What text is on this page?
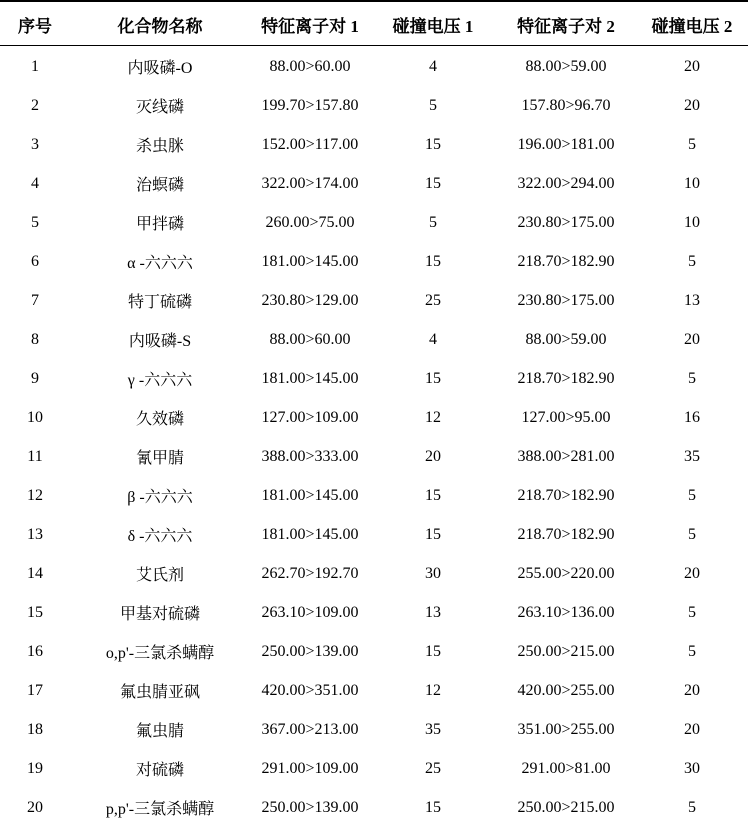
序号	化合物名称	特征离子对 1	碰撞电压 1	特征离子对 2	碰撞电压 2
1	内吸磷-O	88.00>60.00	4	88.00>59.00	20
2	灭线磷	199.70>157.80	5	157.80>96.70	20
3	杀虫脒	152.00>117.00	15	196.00>181.00	5
4	治螟磷	322.00>174.00	15	322.00>294.00	10
5	甲拌磷	260.00>75.00	5	230.80>175.00	10
6	α -六六六	181.00>145.00	15	218.70>182.90	5
7	特丁硫磷	230.80>129.00	25	230.80>175.00	13
8	内吸磷-S	88.00>60.00	4	88.00>59.00	20
9	γ -六六六	181.00>145.00	15	218.70>182.90	5
10	久效磷	127.00>109.00	12	127.00>95.00	16
11	氰甲腈	388.00>333.00	20	388.00>281.00	35
12	β -六六六	181.00>145.00	15	218.70>182.90	5
13	δ -六六六	181.00>145.00	15	218.70>182.90	5
14	艾氏剂	262.70>192.70	30	255.00>220.00	20
15	甲基对硫磷	263.10>109.00	13	263.10>136.00	5
16	o,p'-三氯杀螨醇	250.00>139.00	15	250.00>215.00	5
17	氟虫腈亚砜	420.00>351.00	12	420.00>255.00	20
18	氟虫腈	367.00>213.00	35	351.00>255.00	20
19	对硫磷	291.00>109.00	25	291.00>81.00	30
20	p,p'-三氯杀螨醇	250.00>139.00	15	250.00>215.00	5
